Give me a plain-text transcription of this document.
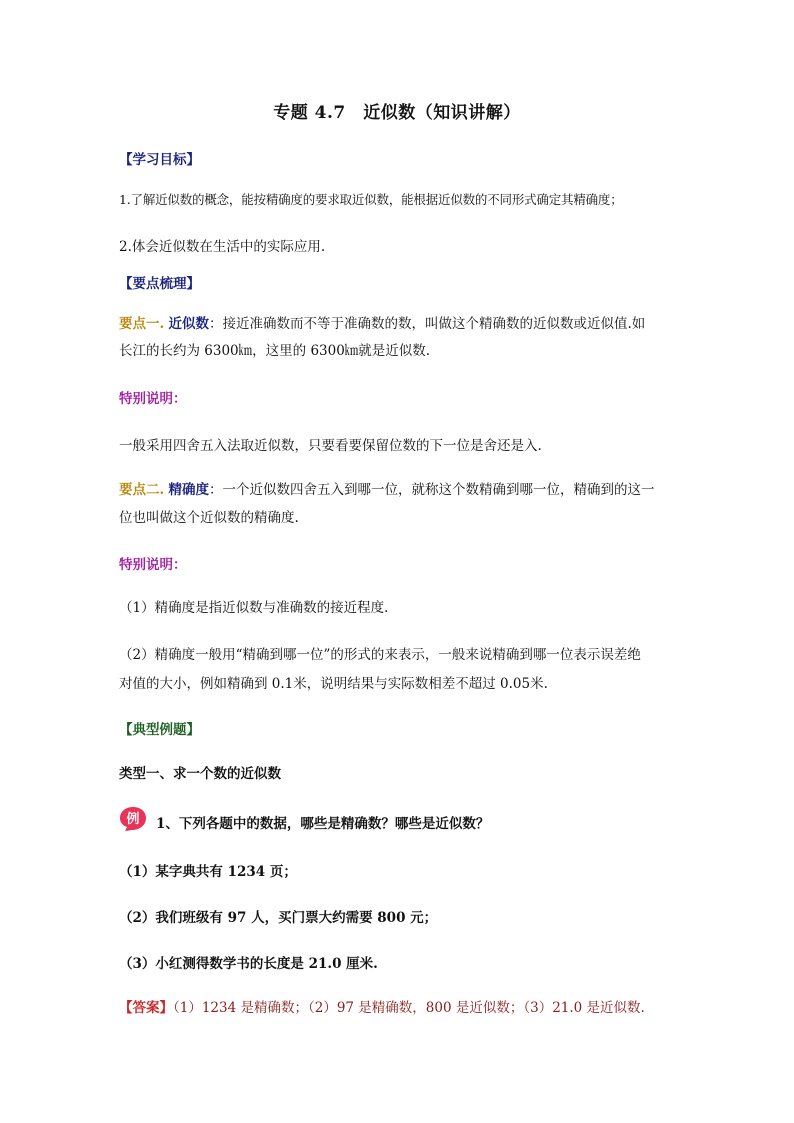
专题 4.7　近似数（知识讲解）
【学习目标】
1.了解近似数的概念，能按精确度的要求取近似数，能根据近似数的不同形式确定其精确度；
2.体会近似数在生活中的实际应用.
【要点梳理】
要点一. 近似数：接近准确数而不等于准确数的数，叫做这个精确数的近似数或近似值.如
长江的长约为 6300㎞，这里的 6300㎞就是近似数.
特别说明：
一般采用四舍五入法取近似数，只要看要保留位数的下一位是舍还是入.
要点二. 精确度：一个近似数四舍五入到哪一位，就称这个数精确到哪一位，精确到的这一
位也叫做这个近似数的精确度.
特别说明：
（1）精确度是指近似数与准确数的接近程度.
（2）精确度一般用“精确到哪一位”的形式的来表示，一般来说精确到哪一位表示误差绝
对值的大小，例如精确到 0.1米，说明结果与实际数相差不超过 0.05米.
【典型例题】
类型一、求一个数的近似数
例 1、下列各题中的数据，哪些是精确数？哪些是近似数？
（1）某字典共有 1234 页；
（2）我们班级有 97 人，买门票大约需要 800 元；
（3）小红测得数学书的长度是 21.0 厘米.
【答案】（1）1234 是精确数；（2）97 是精确数，800 是近似数；（3）21.0 是近似数.
